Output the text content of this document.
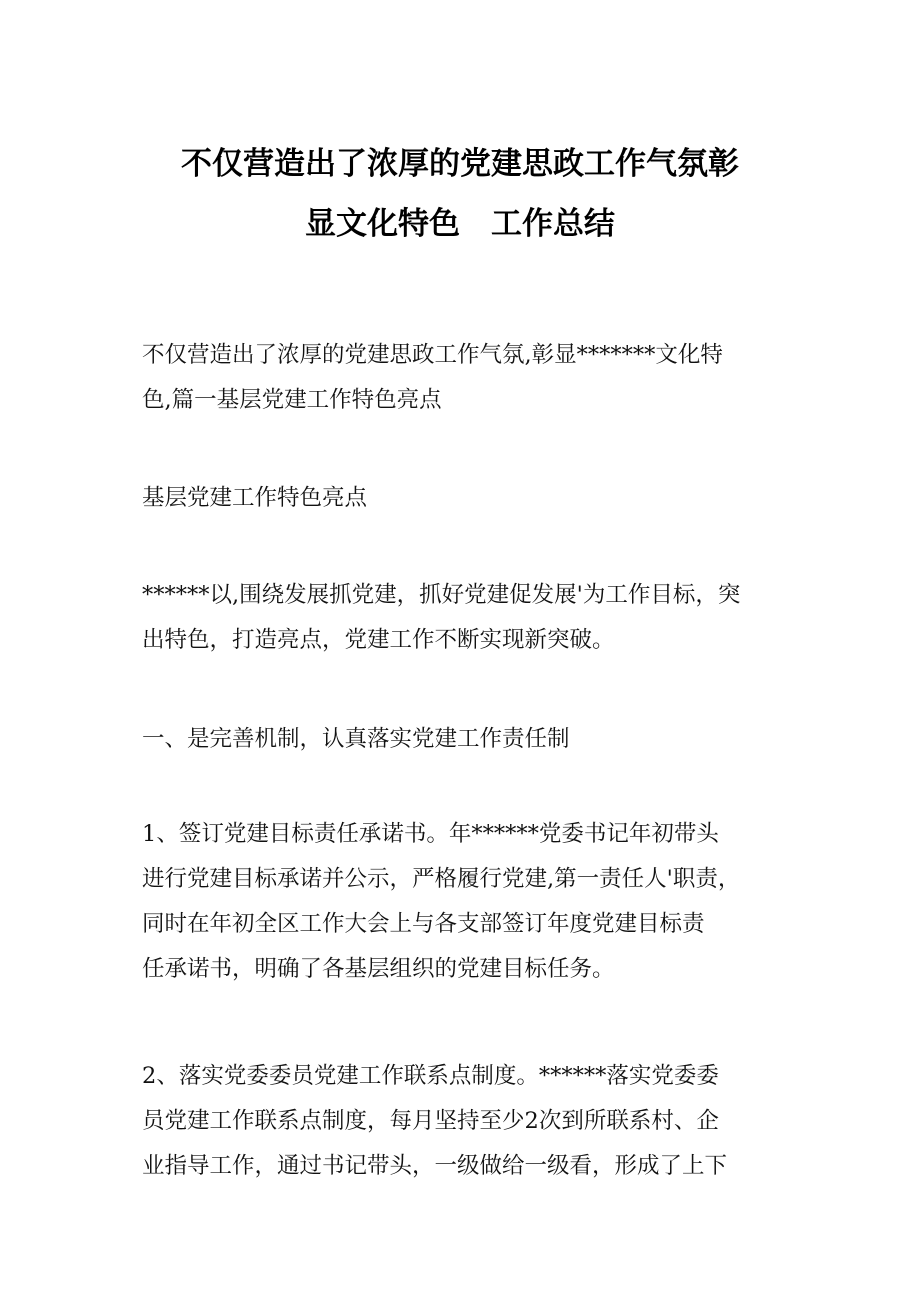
不仅营造出了浓厚的党建思政工作气氛彰
显文化特色　工作总结
不仅营造出了浓厚的党建思政工作气氛,彰显*******文化特
色,篇一基层党建工作特色亮点
基层党建工作特色亮点
******以,围绕发展抓党建，抓好党建促发展'为工作目标，突
出特色，打造亮点，党建工作不断实现新突破。
一、是完善机制，认真落实党建工作责任制
1、签订党建目标责任承诺书。年******党委书记年初带头
进行党建目标承诺并公示，严格履行党建,第一责任人'职责，
同时在年初全区工作大会上与各支部签订年度党建目标责
任承诺书，明确了各基层组织的党建目标任务。
2、落实党委委员党建工作联系点制度。******落实党委委
员党建工作联系点制度，每月坚持至少2次到所联系村、企
业指导工作，通过书记带头，一级做给一级看，形成了上下
